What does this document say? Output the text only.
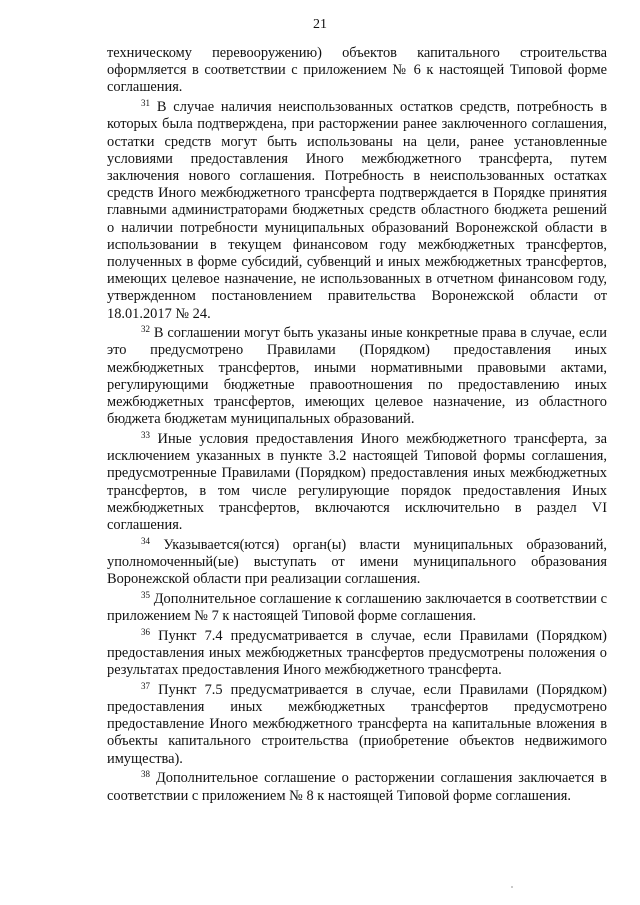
21

техническому перевооружению) объектов капитального строительства оформляется в соответствии с приложением № 6 к настоящей Типовой форме соглашения.

$^{31}$ В случае наличия неиспользованных остатков средств, потребность в которых была подтверждена, при расторжении ранее заключенного соглашения, остатки средств могут быть использованы на цели, ранее установленные условиями предоставления Иного межбюджетного трансферта, путем заключения нового соглашения. Потребность в неиспользованных остатках средств Иного межбюджетного трансферта подтверждается в Порядке принятия главными администраторами бюджетных средств областного бюджета решений о наличии потребности муниципальных образований Воронежской области в использовании в текущем финансовом году межбюджетных трансфертов, полученных в форме субсидий, субвенций и иных межбюджетных трансфертов, имеющих целевое назначение, не использованных в отчетном финансовом году, утвержденном постановлением правительства Воронежской области от 18.01.2017 № 24.

$^{32}$ В соглашении могут быть указаны иные конкретные права в случае, если это предусмотрено Правилами (Порядком) предоставления иных межбюджетных трансфертов, иными нормативными правовыми актами, регулирующими бюджетные правоотношения по предоставлению иных межбюджетных трансфертов, имеющих целевое назначение, из областного бюджета бюджетам муниципальных образований.

$^{33}$ Иные условия предоставления Иного межбюджетного трансферта, за исключением указанных в пункте 3.2 настоящей Типовой формы соглашения, предусмотренные Правилами (Порядком) предоставления иных межбюджетных трансфертов, в том числе регулирующие порядок предоставления Иных межбюджетных трансфертов, включаются исключительно в раздел VI соглашения.

$^{34}$ Указывается(ются) орган(ы) власти муниципальных образований, уполномоченный(ые) выступать от имени муниципального образования Воронежской области при реализации соглашения.

$^{35}$ Дополнительное соглашение к соглашению заключается в соответствии с приложением № 7 к настоящей Типовой форме соглашения.

$^{36}$ Пункт 7.4 предусматривается в случае, если Правилами (Порядком) предоставления иных межбюджетных трансфертов предусмотрены положения о результатах предоставления Иного межбюджетного трансферта.

$^{37}$ Пункт 7.5 предусматривается в случае, если Правилами (Порядком) предоставления иных межбюджетных трансфертов предусмотрено предоставление Иного межбюджетного трансферта на капитальные вложения в объекты капитального строительства (приобретение объектов недвижимого имущества).

$^{38}$ Дополнительное соглашение о расторжении соглашения заключается в соответствии с приложением № 8 к настоящей Типовой форме соглашения.
